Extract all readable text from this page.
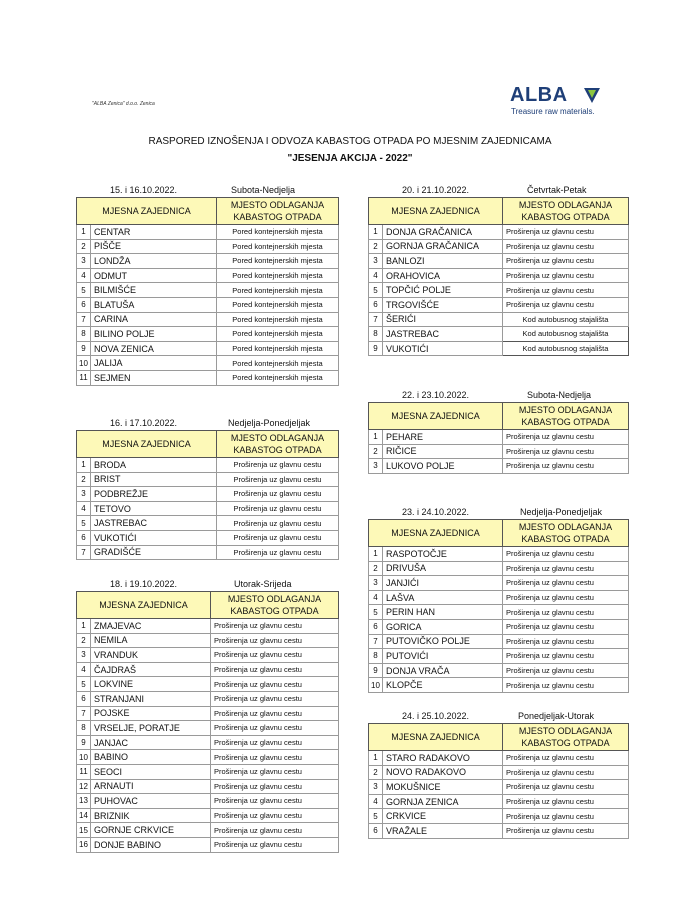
"ALBA Zenica" d.o.o. Zenica	ALBA
Treasure raw materials.
RASPORED IZNOŠENJA I ODVOZA KABASTOG OTPADA PO MJESNIM ZAJEDNICAMA
"JESENJA AKCIJA - 2022"
15. i 16.10.2022.	Subota-Nedjelja
MJESNA ZAJEDNICA		MJESTO ODLAGANJA
KABASTOG OTPADA

1	CENTAR	Pored kontejnerskih mjesta
2	PIŠČE	Pored kontejnerskih mjesta
3	LONDŽA	Pored kontejnerskih mjesta
4	ODMUT	Pored kontejnerskih mjesta
5	BILMIŠĆE	Pored kontejnerskih mjesta
6	BLATUŠA	Pored kontejnerskih mjesta
7	CARINA	Pored kontejnerskih mjesta
8	BILINO POLJE	Pored kontejnerskih mjesta
9	NOVA ZENICA	Pored kontejnerskih mjesta
10	JALIJA	Pored kontejnerskih mjesta
11	SEJMEN	Pored kontejnerskih mjesta
16. i 17.10.2022.	Nedjelja-Ponedjeljak
MJESNA ZAJEDNICA		MJESTO ODLAGANJA
KABASTOG OTPADA

1	BRODA	Proširenja uz glavnu cestu
2	BRIST	Proširenja uz glavnu cestu
3	PODBREŽJE	Proširenja uz glavnu cestu
4	TETOVO	Proširenja uz glavnu cestu
5	JASTREBAC	Proširenja uz glavnu cestu
6	VUKOTIĆI	Proširenja uz glavnu cestu
7	GRADIŠĆE	Proširenja uz glavnu cestu
18. i 19.10.2022.	Utorak-Srijeda
MJESNA ZAJEDNICA		MJESTO ODLAGANJA
KABASTOG OTPADA

1	ZMAJEVAC	Proširenja uz glavnu cestu
2	NEMILA	Proširenja uz glavnu cestu
3	VRANDUK	Proširenja uz glavnu cestu
4	ČAJDRAŠ	Proširenja uz glavnu cestu
5	LOKVINE	Proširenja uz glavnu cestu
6	STRANJANI	Proširenja uz glavnu cestu
7	POJSKE	Proširenja uz glavnu cestu
8	VRSELJE, PORATJE	Proširenja uz glavnu cestu
9	JANJAC	Proširenja uz glavnu cestu
10	BABINO	Proširenja uz glavnu cestu
11	SEOCI	Proširenja uz glavnu cestu
12	ARNAUTI	Proširenja uz glavnu cestu
13	PUHOVAC	Proširenja uz glavnu cestu
14	BRIZNIK	Proširenja uz glavnu cestu
15	GORNJE CRKVICE	Proširenja uz glavnu cestu
16	DONJE BABINO	Proširenja uz glavnu cestu
20. i 21.10.2022.	Četvrtak-Petak
MJESNA ZAJEDNICA		MJESTO ODLAGANJA
KABASTOG OTPADA

1	DONJA GRAČANICA	Proširenja uz glavnu cestu
2	GORNJA GRAČANICA	Proširenja uz glavnu cestu
3	BANLOZI	Proširenja uz glavnu cestu
4	ORAHOVICA	Proširenja uz glavnu cestu
5	TOPČIĆ POLJE	Proširenja uz glavnu cestu
6	TRGOVIŠĆE	Proširenja uz glavnu cestu
7	ŠERIĆI	Kod autobusnog stajališta
8	JASTREBAC	Kod autobusnog stajališta
9	VUKOTIĆI	Kod autobusnog stajališta
22. i 23.10.2022.	Subota-Nedjelja
MJESNA ZAJEDNICA		MJESTO ODLAGANJA
KABASTOG OTPADA

1	PEHARE	Proširenja uz glavnu cestu
2	RIČICE	Proširenja uz glavnu cestu
3	LUKOVO POLJE	Proširenja uz glavnu cestu
23. i 24.10.2022.	Nedjelja-Ponedjeljak
MJESNA ZAJEDNICA		MJESTO ODLAGANJA
KABASTOG OTPADA

1	RASPOTOČJE	Proširenja uz glavnu cestu
2	DRIVUŠA	Proširenja uz glavnu cestu
3	JANJIĆI	Proširenja uz glavnu cestu
4	LAŠVA	Proširenja uz glavnu cestu
5	PERIN HAN	Proširenja uz glavnu cestu
6	GORICA	Proširenja uz glavnu cestu
7	PUTOVIČKO POLJE	Proširenja uz glavnu cestu
8	PUTOVIĆI	Proširenja uz glavnu cestu
9	DONJA VRAČA	Proširenja uz glavnu cestu
10	KLOPČE	Proširenja uz glavnu cestu
24. i 25.10.2022.	Ponedjeljak-Utorak
MJESNA ZAJEDNICA		MJESTO ODLAGANJA
KABASTOG OTPADA

1	STARO RADAKOVO	Proširenja uz glavnu cestu
2	NOVO RADAKOVO	Proširenja uz glavnu cestu
3	MOKUŠNICE	Proširenja uz glavnu cestu
4	GORNJA ZENICA	Proširenja uz glavnu cestu
5	CRKVICE	Proširenja uz glavnu cestu
6	VRAŽALE	Proširenja uz glavnu cestu
